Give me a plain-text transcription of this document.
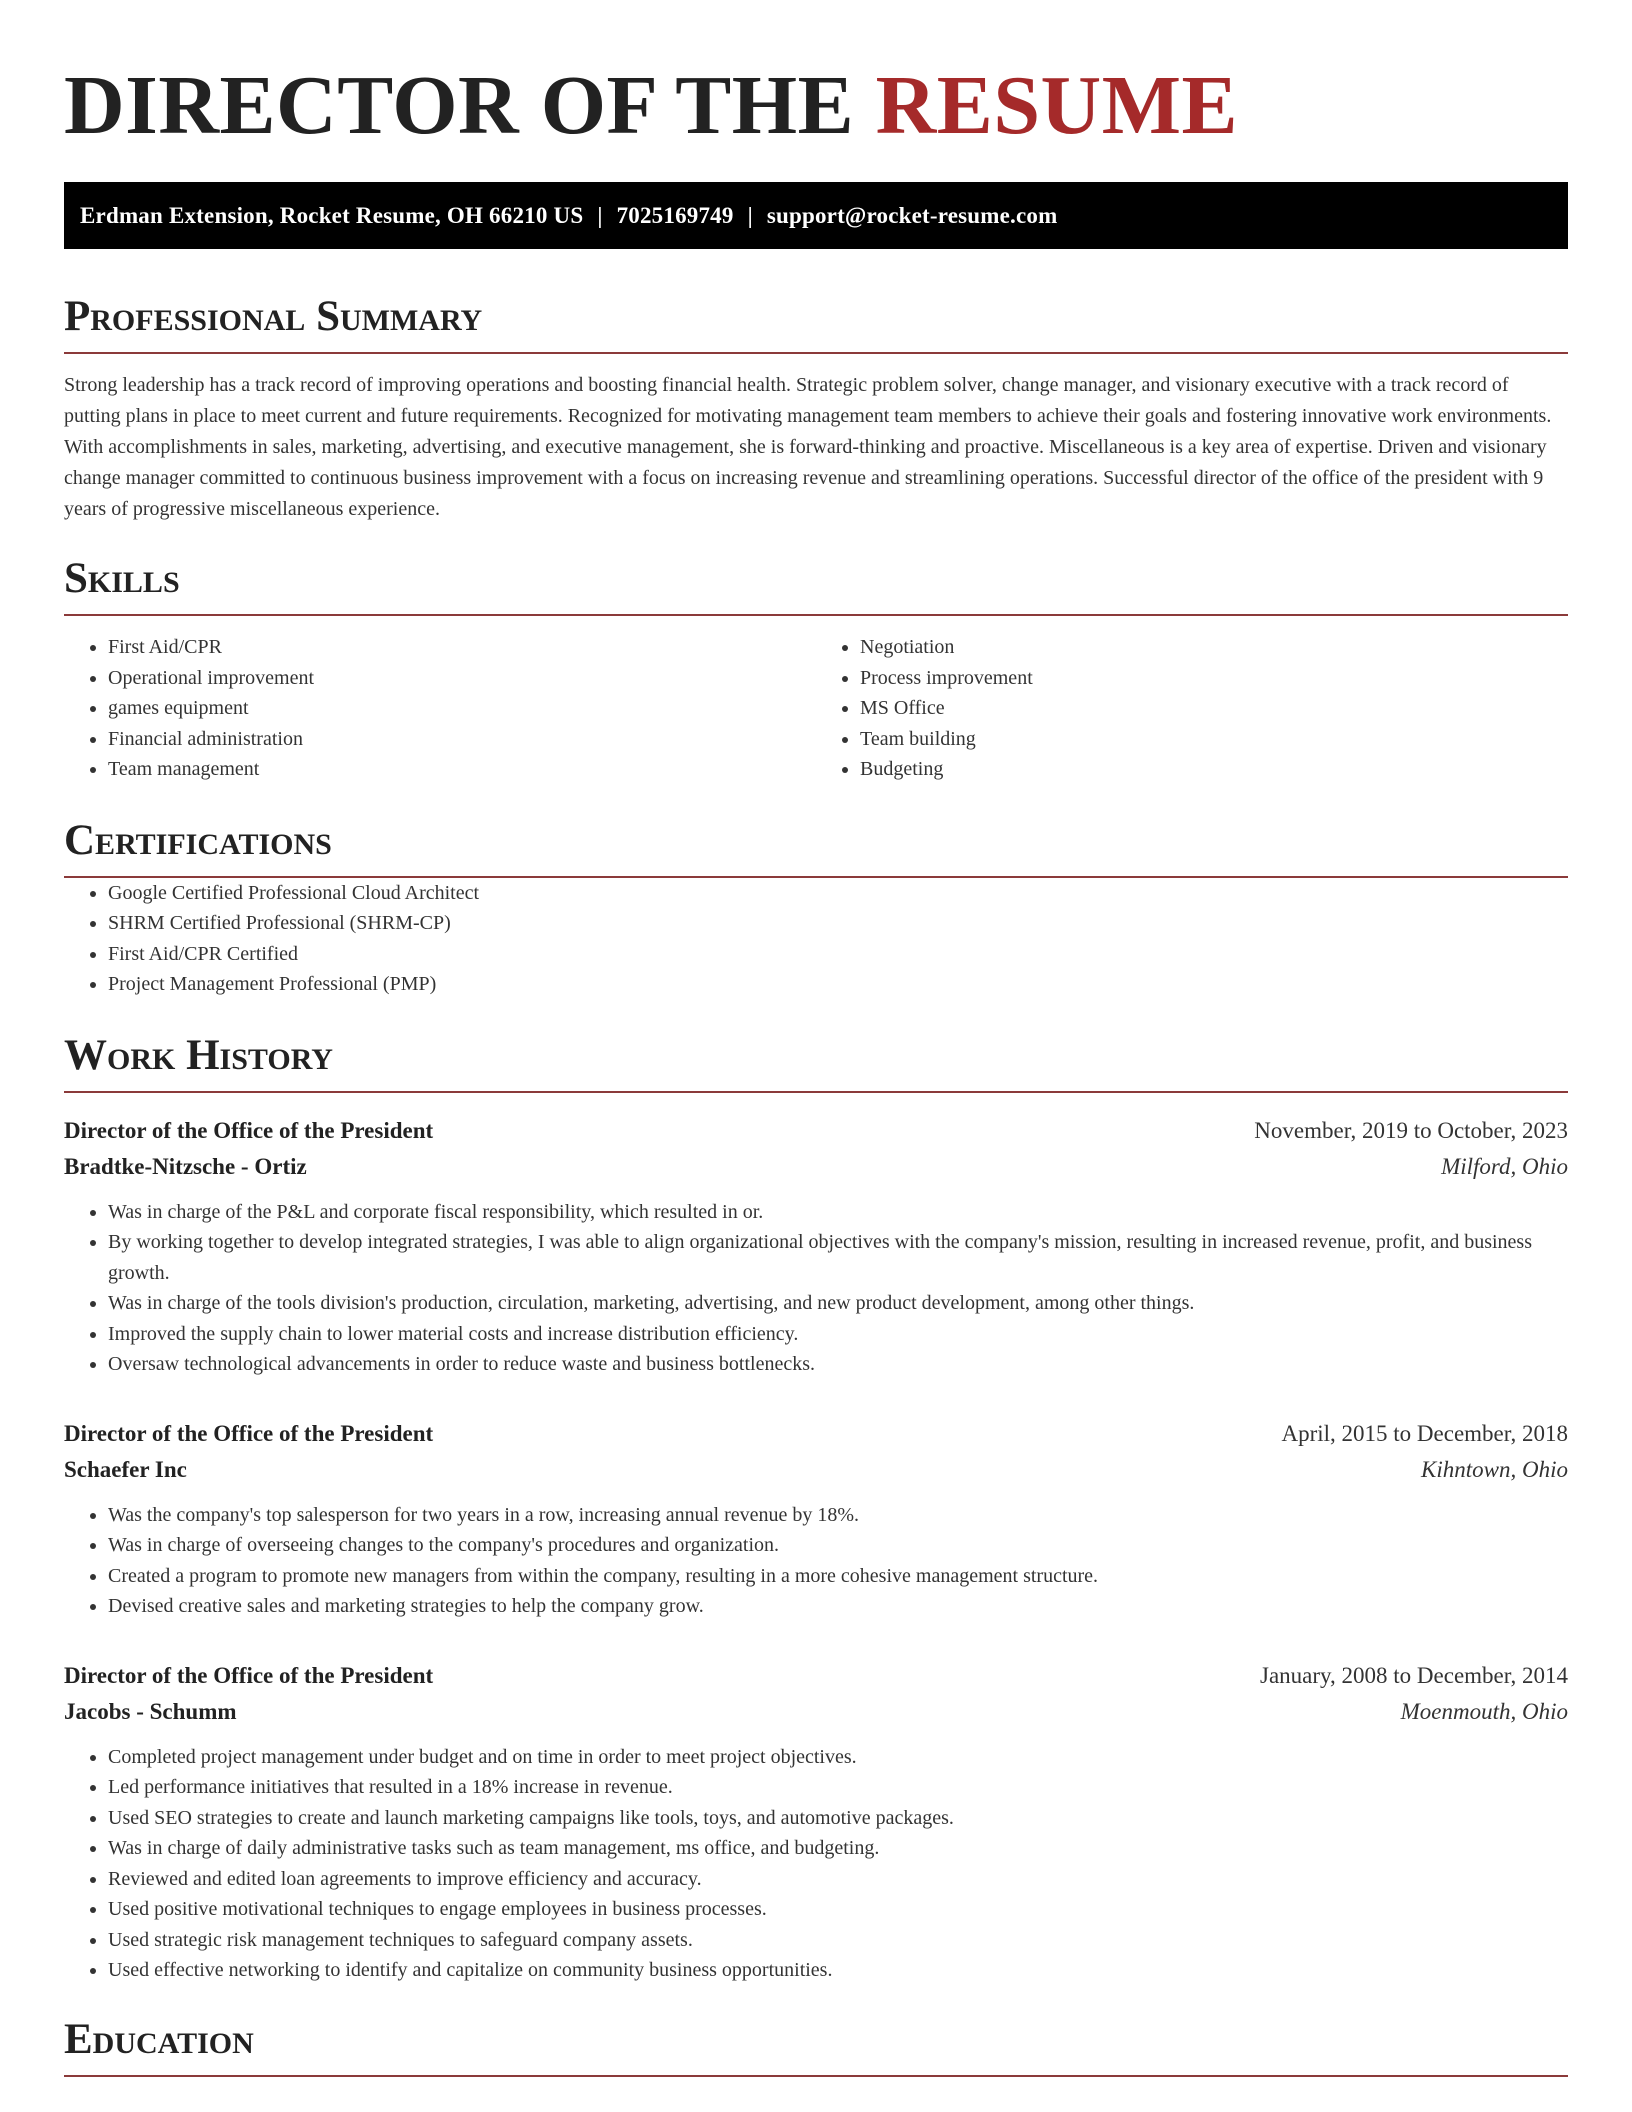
DIRECTOR OF THE RESUME
Erdman Extension, Rocket Resume, OH 66210 US | 7025169749 | support@rocket-resume.com
Professional Summary

Strong leadership has a track record of improving operations and boosting financial health. Strategic problem solver, change manager, and visionary executive with a track record of putting plans in place to meet current and future requirements. Recognized for motivating management team members to achieve their goals and fostering innovative work environments. With accomplishments in sales, marketing, advertising, and executive management, she is forward-thinking and proactive. Miscellaneous is a key area of expertise. Driven and visionary change manager committed to continuous business improvement with a focus on increasing revenue and streamlining operations. Successful director of the office of the president with 9 years of progressive miscellaneous experience.

Skills
• First Aid/CPR
• Operational improvement
• games equipment
• Financial administration
• Team management
• Negotiation
• Process improvement
• MS Office
• Team building
• Budgeting
Certifications
• Google Certified Professional Cloud Architect
• SHRM Certified Professional (SHRM-CP)
• First Aid/CPR Certified
• Project Management Professional (PMP)
Work History
Director of the Office of the President	November, 2019 to October, 2023
Bradtke-Nitzsche - Ortiz	Milford, Ohio
• Was in charge of the P&L and corporate fiscal responsibility, which resulted in or.
• By working together to develop integrated strategies, I was able to align organizational objectives with the company's mission, resulting in increased revenue, profit, and business growth.
• Was in charge of the tools division's production, circulation, marketing, advertising, and new product development, among other things.
• Improved the supply chain to lower material costs and increase distribution efficiency.
• Oversaw technological advancements in order to reduce waste and business bottlenecks.
Director of the Office of the President	April, 2015 to December, 2018
Schaefer Inc	Kihntown, Ohio
• Was the company's top salesperson for two years in a row, increasing annual revenue by 18%.
• Was in charge of overseeing changes to the company's procedures and organization.
• Created a program to promote new managers from within the company, resulting in a more cohesive management structure.
• Devised creative sales and marketing strategies to help the company grow.
Director of the Office of the President	January, 2008 to December, 2014
Jacobs - Schumm	Moenmouth, Ohio
• Completed project management under budget and on time in order to meet project objectives.
• Led performance initiatives that resulted in a 18% increase in revenue.
• Used SEO strategies to create and launch marketing campaigns like tools, toys, and automotive packages.
• Was in charge of daily administrative tasks such as team management, ms office, and budgeting.
• Reviewed and edited loan agreements to improve efficiency and accuracy.
• Used positive motivational techniques to engage employees in business processes.
• Used strategic risk management techniques to safeguard company assets.
• Used effective networking to identify and capitalize on community business opportunities.
Education
